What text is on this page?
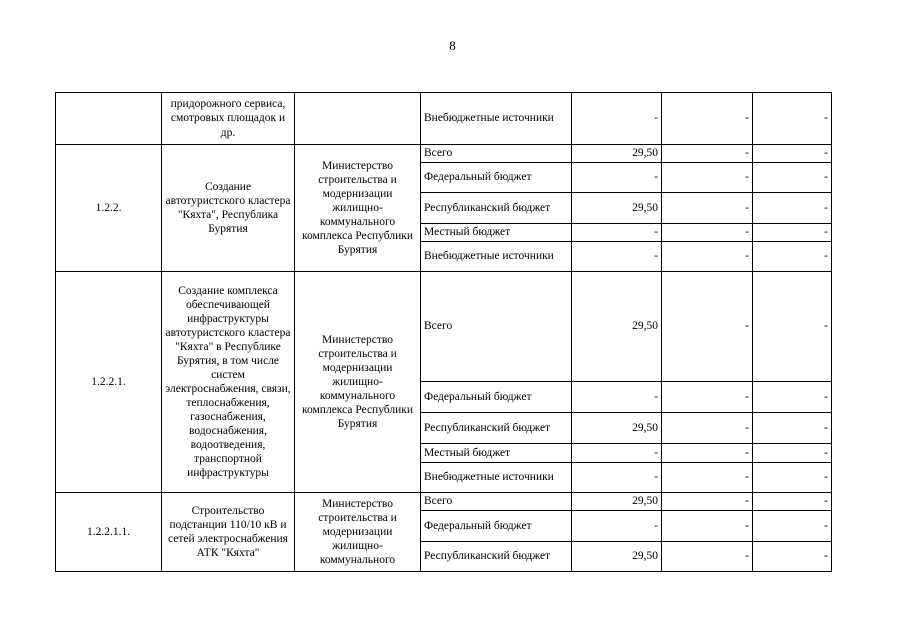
8
	придорожного сервиса, смотровых площадок и др.		Внебюджетные источники	-	-	-
1.2.2.	Создание автотуристского кластера "Кяхта", Республика Бурятия	Министерство строительства и модернизации жилищно-коммунального комплекса Республики Бурятия	Всего	29,50	-	-
			Федеральный бюджет	-	-	-
			Республиканский бюджет	29,50	-	-
			Местный бюджет	-	-	-
			Внебюджетные источники	-	-	-
1.2.2.1.	Создание комплекса обеспечивающей инфраструктуры автотуристского кластера "Кяхта" в Республике Бурятия, в том числе систем электроснабжения, связи, теплоснабжения, газоснабжения, водоснабжения, водоотведения, транспортной инфраструктуры	Министерство строительства и модернизации жилищно-коммунального комплекса Республики Бурятия	Всего	29,50	-	-
			Федеральный бюджет	-	-	-
			Республиканский бюджет	29,50	-	-
			Местный бюджет	-	-	-
			Внебюджетные источники	-	-	-
1.2.2.1.1.	Строительство подстанции 110/10 кВ и сетей электроснабжения АТК "Кяхта"	Министерство строительства и модернизации жилищно-коммунального	Всего	29,50	-	-
			Федеральный бюджет	-	-	-
			Республиканский бюджет	29,50	-	-
